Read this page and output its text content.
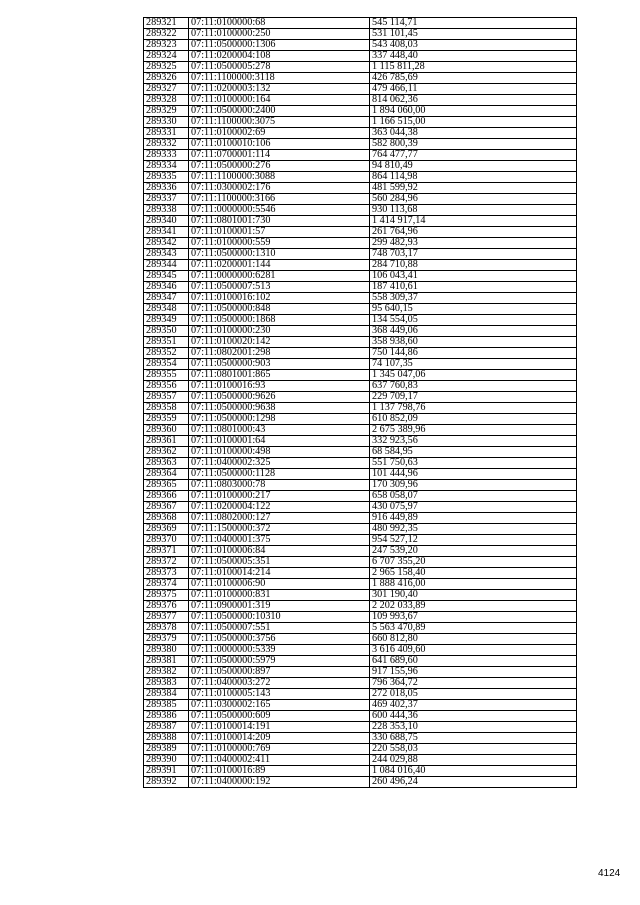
289321	07:11:0100000:68	545 114,71
289322	07:11:0100000:250	531 101,45
289323	07:11:0500000:1306	543 408,03
289324	07:11:0200004:108	337 448,40
289325	07:11:0500005:278	1 115 811,28
289326	07:11:1100000:3118	426 785,69
289327	07:11:0200003:132	479 466,11
289328	07:11:0100000:164	814 062,36
289329	07:11:0500000:2400	1 894 060,00
289330	07:11:1100000:3075	1 166 515,00
289331	07:11:0100002:69	363 044,38
289332	07:11:0100010:106	582 800,39
289333	07:11:0700001:114	764 477,77
289334	07:11:0500000:276	94 810,49
289335	07:11:1100000:3088	864 114,98
289336	07:11:0300002:176	481 599,92
289337	07:11:1100000:3166	560 284,96
289338	07:11:0000000:5546	930 113,68
289340	07:11:0801001:730	1 414 917,14
289341	07:11:0100001:57	261 764,96
289342	07:11:0100000:559	299 482,93
289343	07:11:0500000:1310	748 703,17
289344	07:11:0200001:144	284 710,88
289345	07:11:0000000:6281	106 043,41
289346	07:11:0500007:513	187 410,61
289347	07:11:0100016:102	558 309,37
289348	07:11:0500000:848	95 640,15
289349	07:11:0500000:1868	134 554,05
289350	07:11:0100000:230	368 449,06
289351	07:11:0100020:142	358 938,60
289352	07:11:0802001:298	750 144,86
289354	07:11:0500000:903	74 107,35
289355	07:11:0801001:865	1 345 047,06
289356	07:11:0100016:93	637 760,83
289357	07:11:0500000:9626	229 709,17
289358	07:11:0500000:9638	1 137 798,76
289359	07:11:0500000:1298	610 852,09
289360	07:11:0801000:43	2 675 389,96
289361	07:11:0100001:64	332 923,56
289362	07:11:0100000:498	68 584,95
289363	07:11:0400002:325	551 750,63
289364	07:11:0500000:1128	101 444,96
289365	07:11:0803000:78	170 309,96
289366	07:11:0100000:217	658 058,07
289367	07:11:0200004:122	430 075,97
289368	07:11:0802000:127	916 449,89
289369	07:11:1500000:372	480 992,35
289370	07:11:0400001:375	954 527,12
289371	07:11:0100006:84	247 539,20
289372	07:11:0500005:351	6 707 355,20
289373	07:11:0100014:214	2 965 158,40
289374	07:11:0100006:90	1 888 416,00
289375	07:11:0100000:831	301 190,40
289376	07:11:0900001:319	2 202 033,89
289377	07:11:0500000:10310	109 993,67
289378	07:11:0500007:551	5 563 470,89
289379	07:11:0500000:3756	660 812,80
289380	07:11:0000000:5339	3 616 409,60
289381	07:11:0500000:5979	641 689,60
289382	07:11:0500000:897	917 155,96
289383	07:11:0400003:272	796 364,72
289384	07:11:0100005:143	272 018,05
289385	07:11:0300002:165	469 402,37
289386	07:11:0500000:609	600 444,36
289387	07:11:0100014:191	228 353,10
289388	07:11:0100014:209	330 688,75
289389	07:11:0100000:769	220 558,03
289390	07:11:0400002:411	244 029,88
289391	07:11:0100016:89	1 084 016,40
289392	07:11:0400000:192	260 496,24
4124
